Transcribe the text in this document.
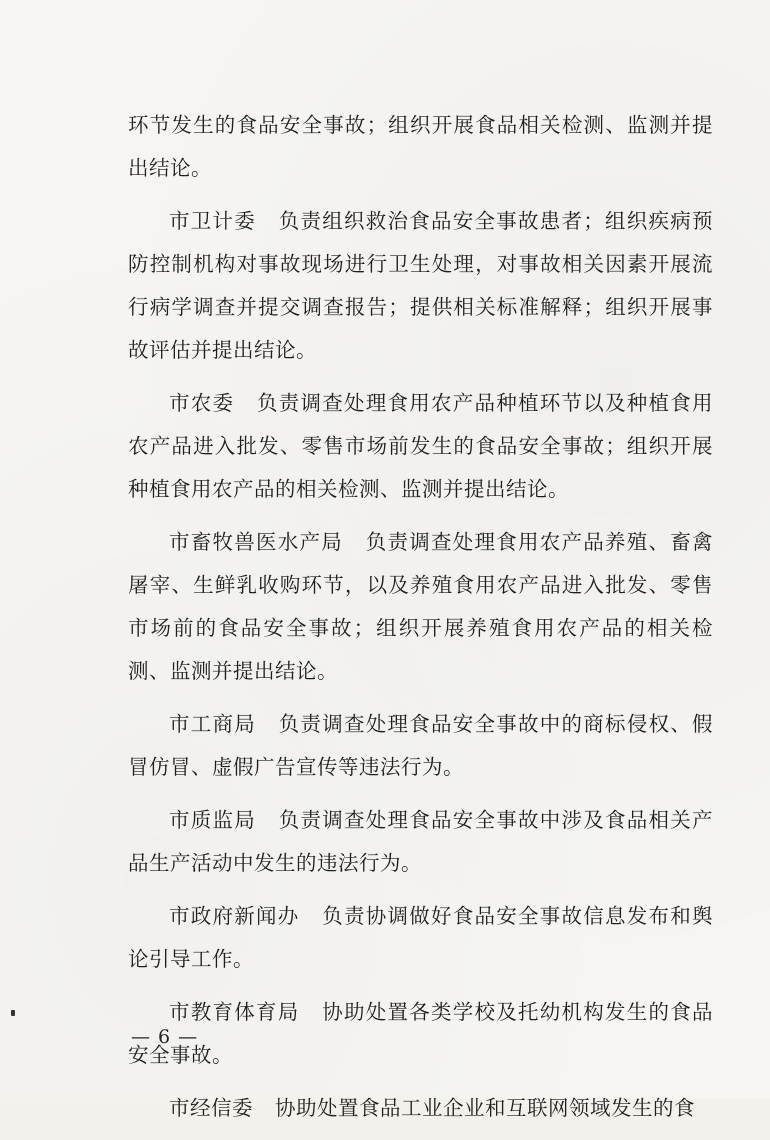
环节发生的食品安全事故；组织开展食品相关检测、监测并提出结论。

市卫计委 负责组织救治食品安全事故患者；组织疾病预防控制机构对事故现场进行卫生处理，对事故相关因素开展流行病学调查并提交调查报告；提供相关标准解释；组织开展事故评估并提出结论。

市农委 负责调查处理食用农产品种植环节以及种植食用农产品进入批发、零售市场前发生的食品安全事故；组织开展种植食用农产品的相关检测、监测并提出结论。

市畜牧兽医水产局 负责调查处理食用农产品养殖、畜禽屠宰、生鲜乳收购环节，以及养殖食用农产品进入批发、零售市场前的食品安全事故；组织开展养殖食用农产品的相关检测、监测并提出结论。

市工商局 负责调查处理食品安全事故中的商标侵权、假冒仿冒、虚假广告宣传等违法行为。

市质监局 负责调查处理食品安全事故中涉及食品相关产品生产活动中发生的违法行为。

市政府新闻办 负责协调做好食品安全事故信息发布和舆论引导工作。

市教育体育局 协助处置各类学校及托幼机构发生的食品安全事故。

市经信委 协助处置食品工业企业和互联网领域发生的食

— 6 —
